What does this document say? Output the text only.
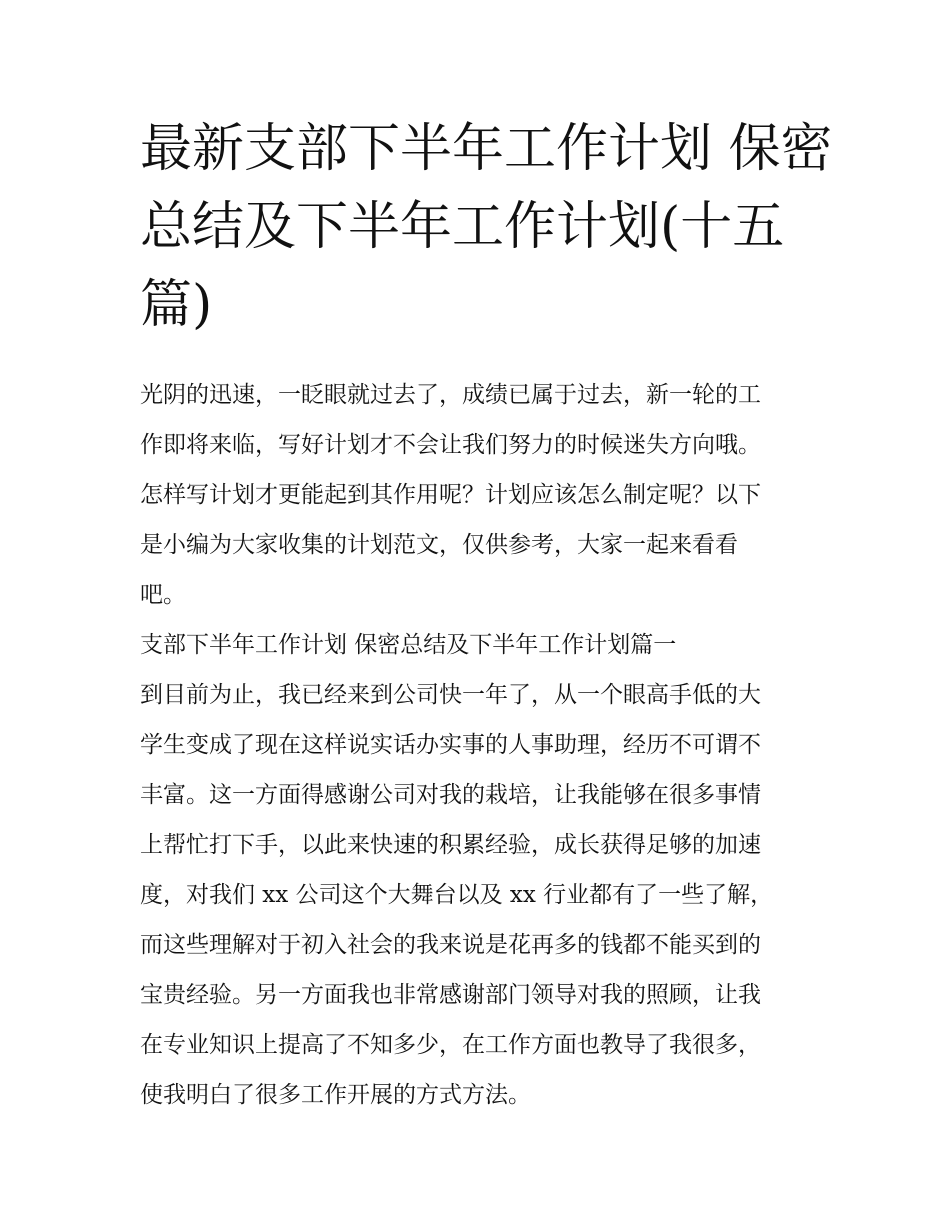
最新支部下半年工作计划 保密
总结及下半年工作计划(十五
篇)
光阴的迅速，一眨眼就过去了，成绩已属于过去，新一轮的工
作即将来临，写好计划才不会让我们努力的时候迷失方向哦。
怎样写计划才更能起到其作用呢？计划应该怎么制定呢？以下
是小编为大家收集的计划范文，仅供参考，大家一起来看看
吧。
支部下半年工作计划 保密总结及下半年工作计划篇一
到目前为止，我已经来到公司快一年了，从一个眼高手低的大
学生变成了现在这样说实话办实事的人事助理，经历不可谓不
丰富。这一方面得感谢公司对我的栽培，让我能够在很多事情
上帮忙打下手，以此来快速的积累经验，成长获得足够的加速
度，对我们 xx 公司这个大舞台以及 xx 行业都有了一些了解，
而这些理解对于初入社会的我来说是花再多的钱都不能买到的
宝贵经验。另一方面我也非常感谢部门领导对我的照顾，让我
在专业知识上提高了不知多少，在工作方面也教导了我很多，
使我明白了很多工作开展的方式方法。
